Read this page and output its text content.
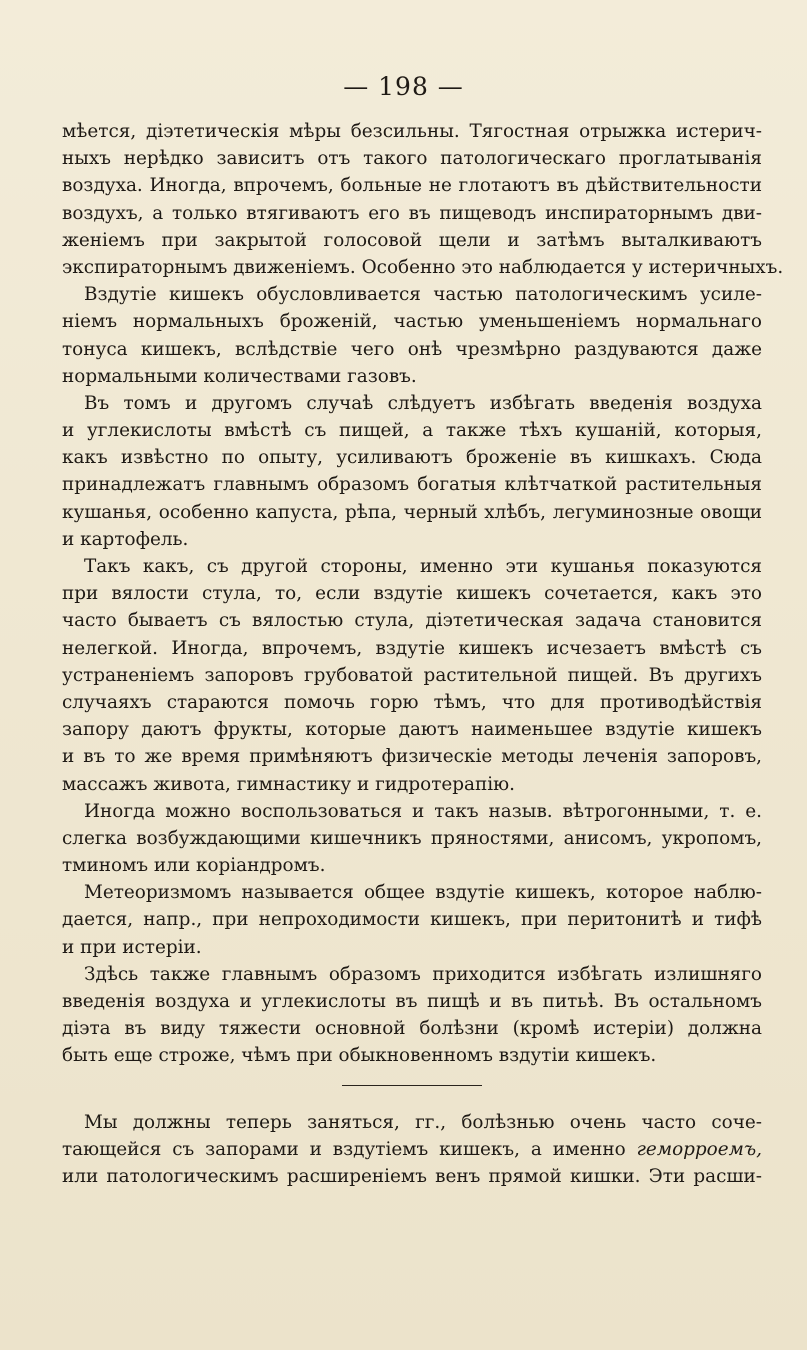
— 198 —
мѣется, діэтетическія мѣры безсильны. Тягостная отрыжка истерич-
ныхъ нерѣдко зависитъ отъ такого патологическаго проглатыванія
воздуха. Иногда, впрочемъ, больные не глотаютъ въ дѣйствительности
воздухъ, а только втягиваютъ его въ пищеводъ инспираторнымъ дви-
женіемъ при закрытой голосовой щели и затѣмъ выталкиваютъ
экспираторнымъ движеніемъ. Особенно это наблюдается у истеричныхъ.
Вздутіе кишекъ обусловливается частью патологическимъ усиле-
ніемъ нормальныхъ броженій, частью уменьшеніемъ нормальнаго
тонуса кишекъ, вслѣдствіе чего онѣ чрезмѣрно раздуваются даже
нормальными количествами газовъ.
Въ томъ и другомъ случаѣ слѣдуетъ избѣгать введенія воздуха
и углекислоты вмѣстѣ съ пищей, а также тѣхъ кушаній, которыя,
какъ извѣстно по опыту, усиливаютъ броженіе въ кишкахъ. Сюда
принадлежатъ главнымъ образомъ богатыя клѣтчаткой растительныя
кушанья, особенно капуста, рѣпа, черный хлѣбъ, легуминозные овощи
и картофель.
Такъ какъ, съ другой стороны, именно эти кушанья показуются
при вялости стула, то, если вздутіе кишекъ сочетается, какъ это
часто бываетъ съ вялостью стула, діэтетическая задача становится
нелегкой. Иногда, впрочемъ, вздутіе кишекъ исчезаетъ вмѣстѣ съ
устраненіемъ запоровъ грубоватой растительной пищей. Въ другихъ
случаяхъ стараются помочь горю тѣмъ, что для противодѣйствія
запору даютъ фрукты, которые даютъ наименьшее вздутіе кишекъ
и въ то же время примѣняютъ физическіе методы леченія запоровъ,
массажъ живота, гимнастику и гидротерапію.
Иногда можно воспользоваться и такъ назыв. вѣтрогонными, т. е.
слегка возбуждающими кишечникъ пряностями, анисомъ, укропомъ,
тминомъ или коріандромъ.
Метеоризмомъ называется общее вздутіе кишекъ, которое наблю-
дается, напр., при непроходимости кишекъ, при перитонитѣ и тифѣ
и при истеріи.
Здѣсь также главнымъ образомъ приходится избѣгать излишняго
введенія воздуха и углекислоты въ пищѣ и въ питьѣ. Въ остальномъ
діэта въ виду тяжести основной болѣзни (кромѣ истеріи) должна
быть еще строже, чѣмъ при обыкновенномъ вздутіи кишекъ.
Мы должны теперь заняться, гг., болѣзнью очень часто соче-
тающейся съ запорами и вздутіемъ кишекъ, а именно геморроемъ,
или патологическимъ расширеніемъ венъ прямой кишки. Эти расши-
